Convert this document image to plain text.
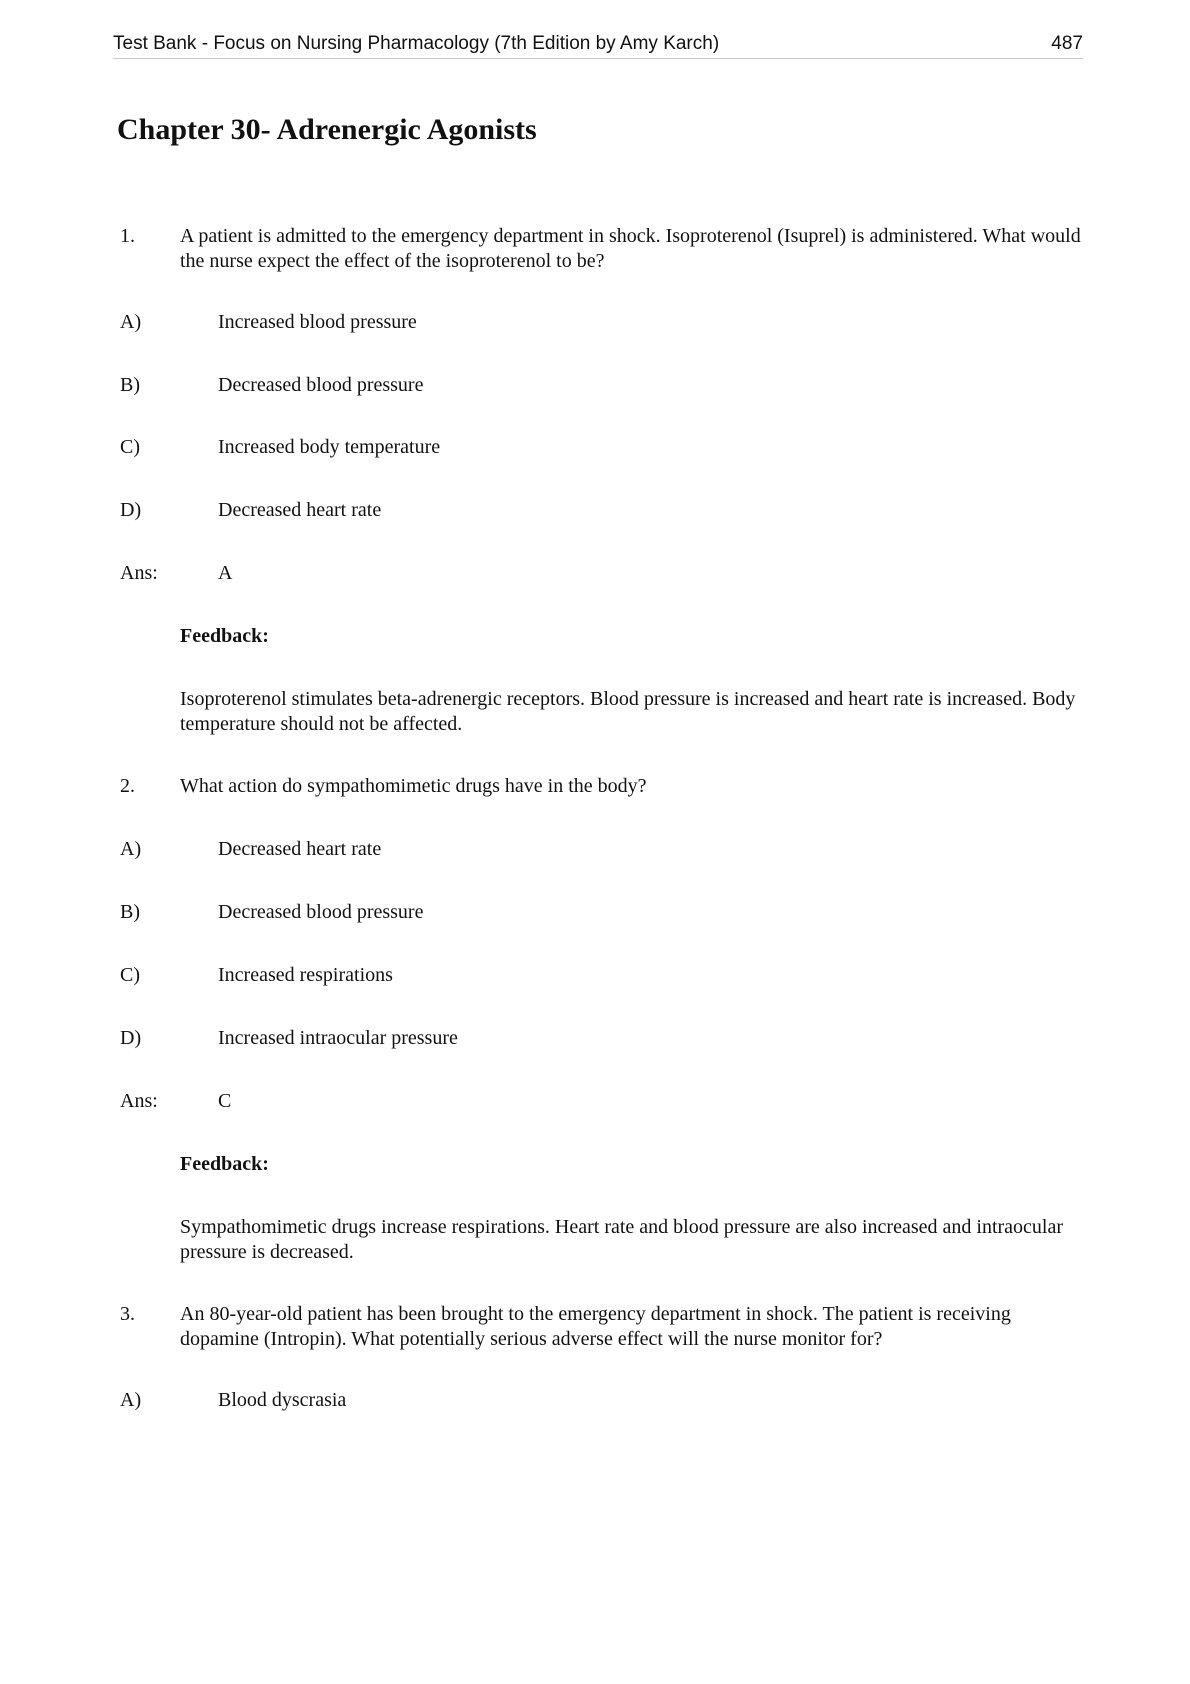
Test Bank - Focus on Nursing Pharmacology (7th Edition by Amy Karch)	487
Chapter 30- Adrenergic Agonists
1. A patient is admitted to the emergency department in shock. Isoproterenol (Isuprel) is administered. What would the nurse expect the effect of the isoproterenol to be?
A)	Increased blood pressure
B)	Decreased blood pressure
C)	Increased body temperature
D)	Decreased heart rate
Ans:	A
Feedback:
Isoproterenol stimulates beta-adrenergic receptors. Blood pressure is increased and heart rate is increased. Body temperature should not be affected.
2. What action do sympathomimetic drugs have in the body?
A)	Decreased heart rate
B)	Decreased blood pressure
C)	Increased respirations
D)	Increased intraocular pressure
Ans:	C
Feedback:
Sympathomimetic drugs increase respirations. Heart rate and blood pressure are also increased and intraocular pressure is decreased.
3. An 80-year-old patient has been brought to the emergency department in shock. The patient is receiving dopamine (Intropin). What potentially serious adverse effect will the nurse monitor for?
A)	Blood dyscrasia
